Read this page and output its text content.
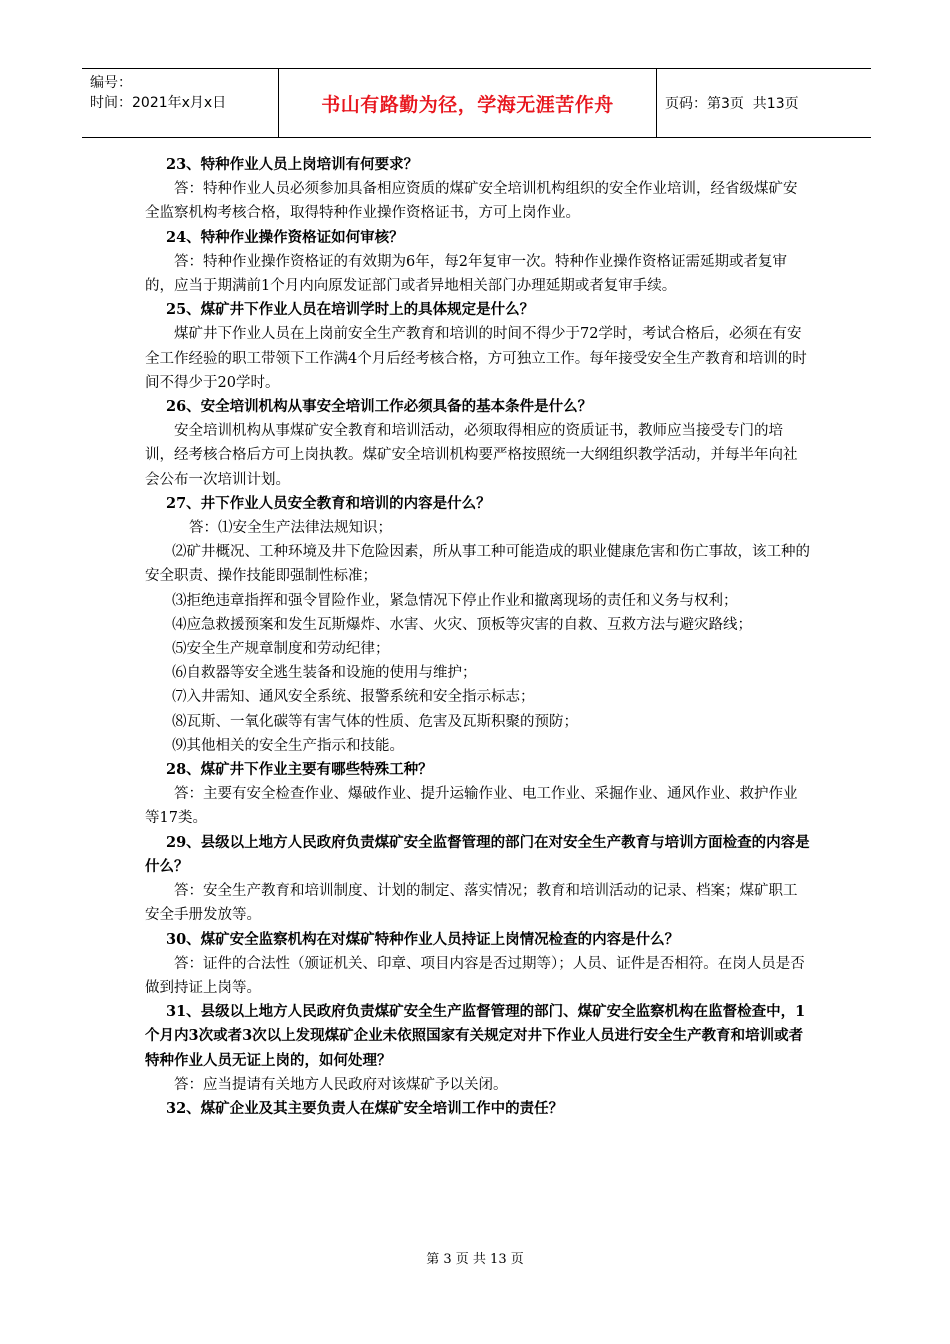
编号：
时间：2021年x月x日	书山有路勤为径，学海无涯苦作舟	页码：第3页  共13页

23、特种作业人员上岗培训有何要求？

答：特种作业人员必须参加具备相应资质的煤矿安全培训机构组织的安全作业培训，经省级煤矿安全监察机构考核合格，取得特种作业操作资格证书，方可上岗作业。

24、特种作业操作资格证如何审核？

答：特种作业操作资格证的有效期为6年，每2年复审一次。特种作业操作资格证需延期或者复审的，应当于期满前1个月内向原发证部门或者异地相关部门办理延期或者复审手续。

25、煤矿井下作业人员在培训学时上的具体规定是什么？

煤矿井下作业人员在上岗前安全生产教育和培训的时间不得少于72学时，考试合格后，必须在有安全工作经验的职工带领下工作满4个月后经考核合格，方可独立工作。每年接受安全生产教育和培训的时间不得少于20学时。

26、安全培训机构从事安全培训工作必须具备的基本条件是什么？

安全培训机构从事煤矿安全教育和培训活动，必须取得相应的资质证书，教师应当接受专门的培训，经考核合格后方可上岗执教。煤矿安全培训机构要严格按照统一大纲组织教学活动，并每半年向社会公布一次培训计划。

27、井下作业人员安全教育和培训的内容是什么？

答：⑴安全生产法律法规知识；

⑵矿井概况、工种环境及井下危险因素，所从事工种可能造成的职业健康危害和伤亡事故，该工种的安全职责、操作技能即强制性标准；

⑶拒绝违章指挥和强令冒险作业，紧急情况下停止作业和撤离现场的责任和义务与权利；

⑷应急救援预案和发生瓦斯爆炸、水害、火灾、顶板等灾害的自救、互救方法与避灾路线；

⑸安全生产规章制度和劳动纪律；

⑹自救器等安全逃生装备和设施的使用与维护；

⑺入井需知、通风安全系统、报警系统和安全指示标志；

⑻瓦斯、一氧化碳等有害气体的性质、危害及瓦斯积聚的预防；

⑼其他相关的安全生产指示和技能。

28、煤矿井下作业主要有哪些特殊工种？

答：主要有安全检查作业、爆破作业、提升运输作业、电工作业、采掘作业、通风作业、救护作业等17类。

29、县级以上地方人民政府负责煤矿安全监督管理的部门在对安全生产教育与培训方面检查的内容是什么？

答：安全生产教育和培训制度、计划的制定、落实情况；教育和培训活动的记录、档案；煤矿职工安全手册发放等。

30、煤矿安全监察机构在对煤矿特种作业人员持证上岗情况检查的内容是什么？

答：证件的合法性（颁证机关、印章、项目内容是否过期等）；人员、证件是否相符。在岗人员是否做到持证上岗等。

31、县级以上地方人民政府负责煤矿安全生产监督管理的部门、煤矿安全监察机构在监督检查中，1个月内3次或者3次以上发现煤矿企业未依照国家有关规定对井下作业人员进行安全生产教育和培训或者特种作业人员无证上岗的，如何处理？

答：应当提请有关地方人民政府对该煤矿予以关闭。

32、煤矿企业及其主要负责人在煤矿安全培训工作中的责任？

第 3 页 共 13 页
